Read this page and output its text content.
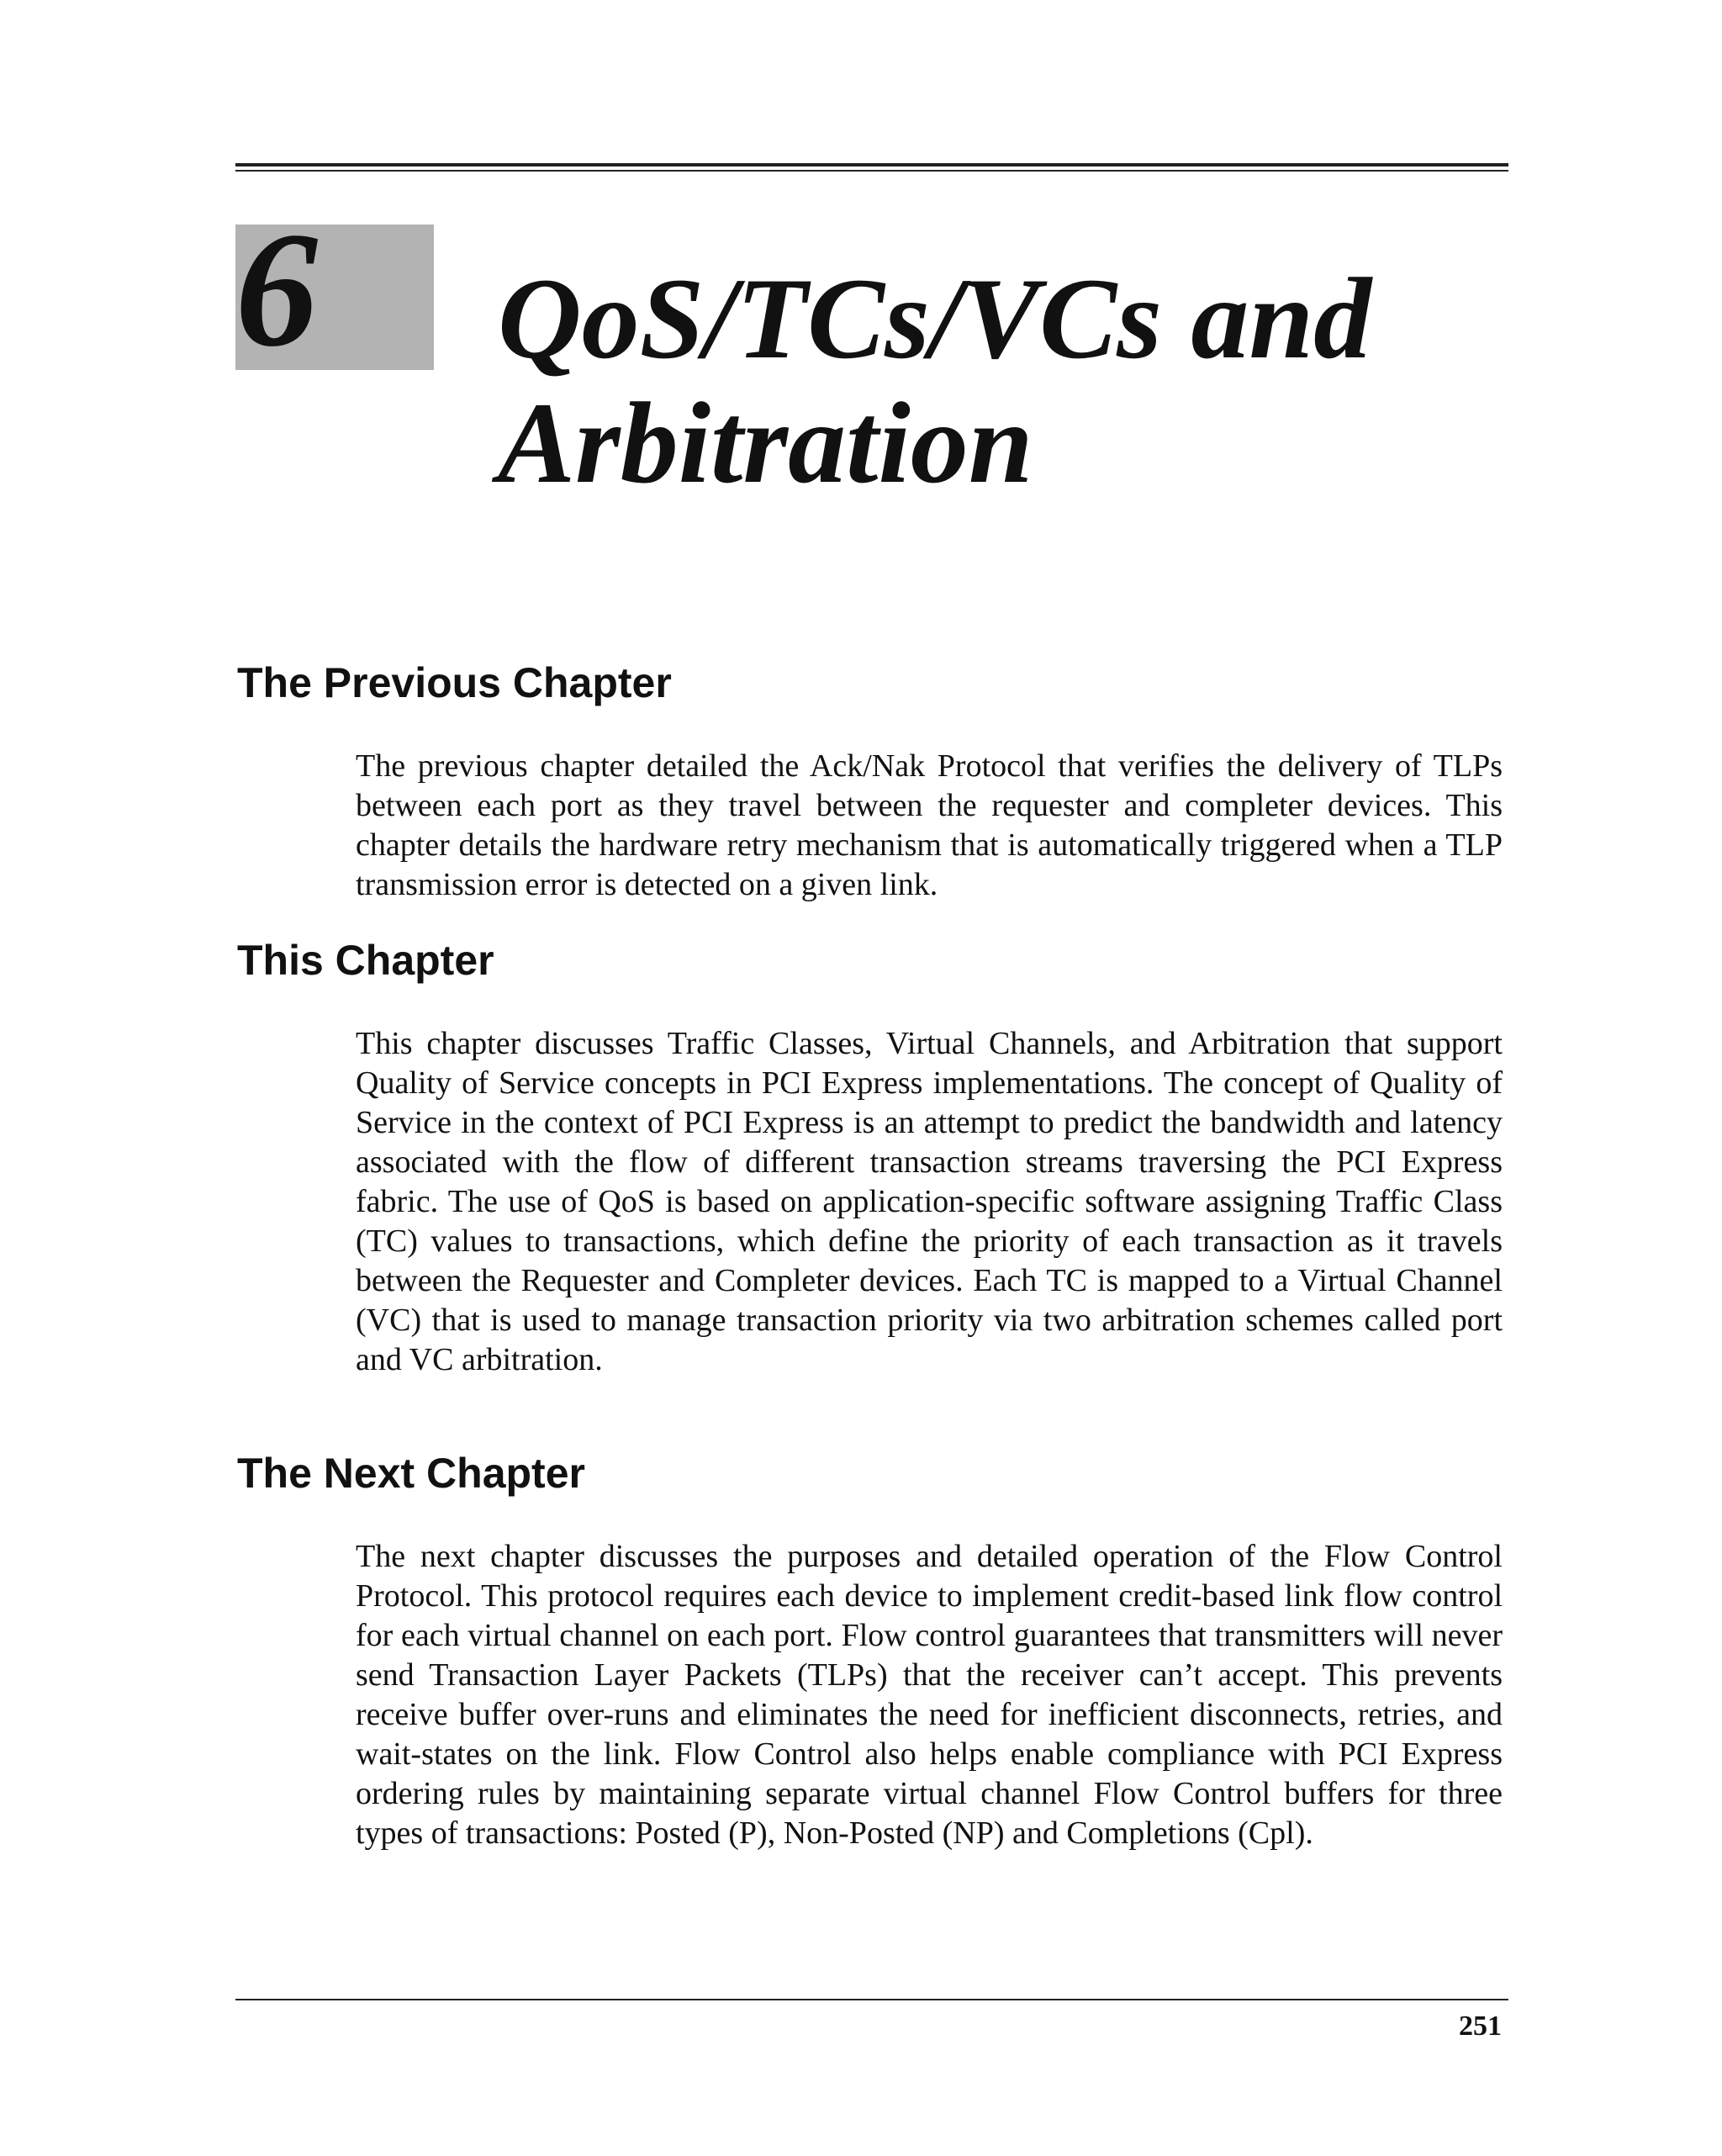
6 QoS/TCs/VCs and
Arbitration
The Previous Chapter

The previous chapter detailed the Ack/Nak Protocol that verifies the delivery of TLPs between each port as they travel between the requester and completer devices. This chapter details the hardware retry mechanism that is automatically triggered when a TLP transmission error is detected on a given link.

This Chapter

This chapter discusses Traffic Classes, Virtual Channels, and Arbitration that support Quality of Service concepts in PCI Express implementations. The concept of Quality of Service in the context of PCI Express is an attempt to predict the bandwidth and latency associated with the flow of different transaction streams traversing the PCI Express fabric. The use of QoS is based on application-specific software assigning Traffic Class (TC) values to transactions, which define the priority of each transaction as it travels between the Requester and Completer devices. Each TC is mapped to a Virtual Channel (VC) that is used to manage transaction priority via two arbitration schemes called port and VC arbitration.

The Next Chapter

The next chapter discusses the purposes and detailed operation of the Flow Control Protocol. This protocol requires each device to implement credit-based link flow control for each virtual channel on each port. Flow control guarantees that transmitters will never send Transaction Layer Packets (TLPs) that the receiver can’t accept. This prevents receive buffer over-runs and eliminates the need for inefficient disconnects, retries, and wait-states on the link. Flow Control also helps enable compliance with PCI Express ordering rules by maintaining separate virtual channel Flow Control buffers for three types of transactions: Posted (P), Non-Posted (NP) and Completions (Cpl).

251
